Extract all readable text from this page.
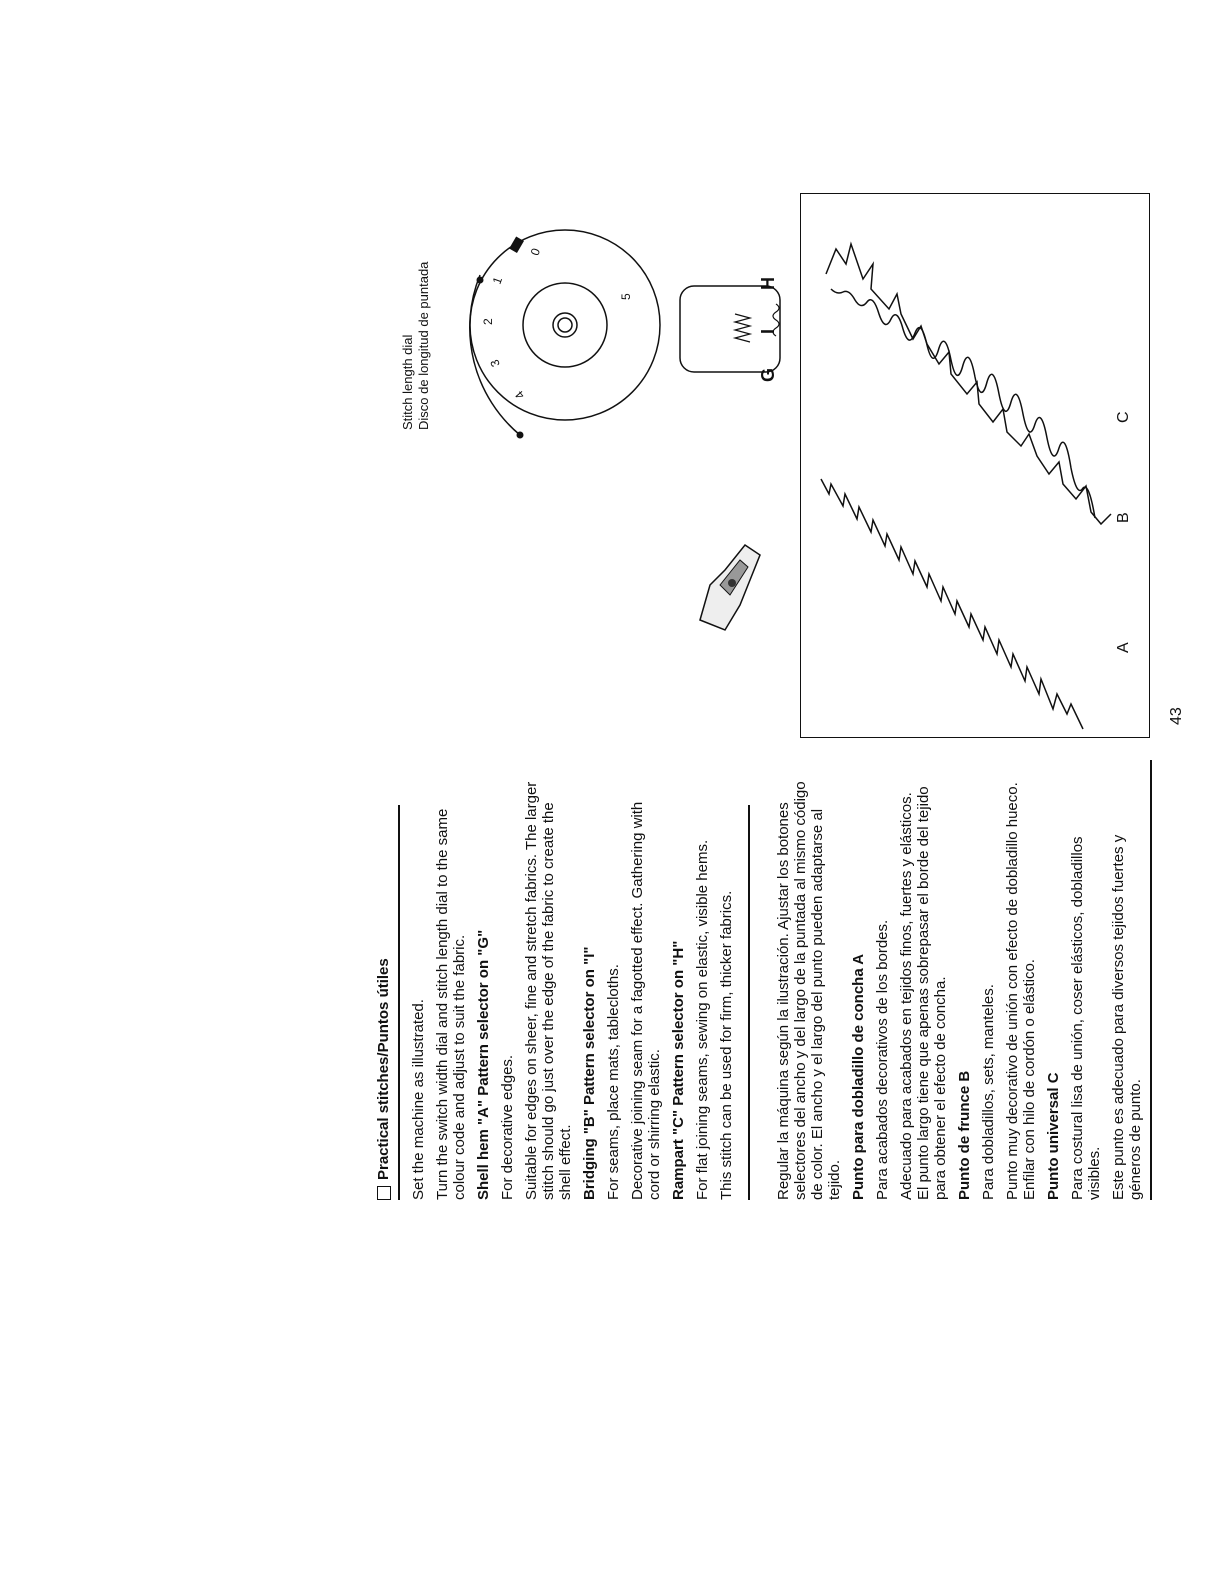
Practical stitches/Puntos útiles Set the machine as illustrated. Turn the switch width dial and stitch length dial to the same colour code and adjust to suit the fabric. Shell hem "A" Pattern selector on "G" For decorative edges. Suitable for edges on sheer, fine and stretch fabrics. The larger stitch should go just over the edge of the fabric to create the shell effect. Bridging "B" Pattern selector on "I" For seams, place mats, tablecloths. Decorative joining seam for a fagotted effect. Gathering with cord or shirring elastic. Rampart "C" Pattern selector on "H" For flat joining seams, sewing on elastic, visible hems. This stitch can be used for firm, thicker fabrics.	Regular la máquina según la ilustración. Ajustar los botones selectores del ancho y del largo de la puntada al mismo código de color. El ancho y el largo del punto pueden adaptarse al tejido. Punto para dobladillo de concha A Para acabados decorativos de los bordes. Adecuado para acabados en tejidos finos, fuertes y elásticos. El punto largo tiene que apenas sobrepasar el borde del tejido para obtener el efecto de concha. Punto de frunce B Para dobladillos, sets, manteles. Punto muy decorativo de unión con efecto de dobladillo hueco. Enfilar con hilo de cordón o elástico. Punto universal C Para costural lisa de unión, coser elásticos, dobladillos visibles. Este punto es adecuado para diversos tejidos fuertes y géneros de punto.

Stitch length dial Disco de longitud de puntada
0
1
2
3
4
5
G
I
H
A
B
C
43
